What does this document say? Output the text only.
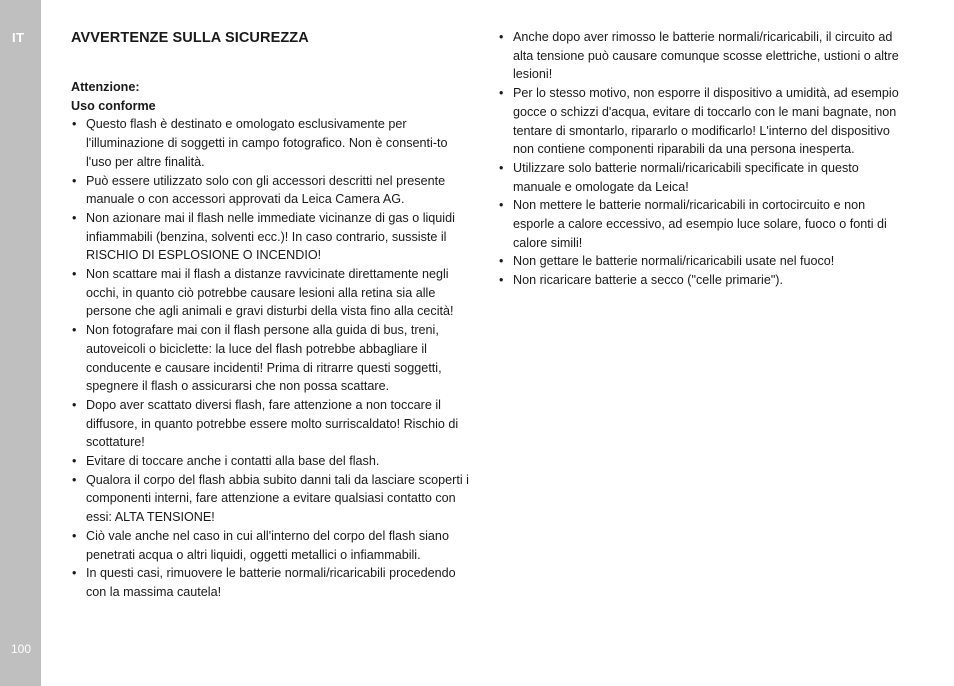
IT
100
AVVERTENZE SULLA SICUREZZA

Attenzione:

Uso conforme

• Questo flash è destinato e omologato esclusivamente per l'illuminazione di soggetti in campo fotografico. Non è consenti-to l'uso per altre finalità.
• Può essere utilizzato solo con gli accessori descritti nel presente manuale o con accessori approvati da Leica Camera AG.
• Non azionare mai il flash nelle immediate vicinanze di gas o liquidi infiammabili (benzina, solventi ecc.)! In caso contrario, sussiste il RISCHIO DI ESPLOSIONE O INCENDIO!
• Non scattare mai il flash a distanze ravvicinate direttamente negli occhi, in quanto ciò potrebbe causare lesioni alla retina sia alle persone che agli animali e gravi disturbi della vista fino alla cecità!
• Non fotografare mai con il flash persone alla guida di bus, treni, autoveicoli o biciclette: la luce del flash potrebbe abbagliare il conducente e causare incidenti! Prima di ritrarre questi soggetti, spegnere il flash o assicurarsi che non possa scattare.
• Dopo aver scattato diversi flash, fare attenzione a non toccare il diffusore, in quanto potrebbe essere molto surriscaldato! Rischio di scottature!
• Evitare di toccare anche i contatti alla base del flash.
• Qualora il corpo del flash abbia subito danni tali da lasciare scoperti i componenti interni, fare attenzione a evitare qualsiasi contatto con essi: ALTA TENSIONE!
• Ciò vale anche nel caso in cui all'interno del corpo del flash siano penetrati acqua o altri liquidi, oggetti metallici o infiammabili.
• In questi casi, rimuovere le batterie normali/ricaricabili procedendo con la massima cautela!
• Anche dopo aver rimosso le batterie normali/ricaricabili, il circuito ad alta tensione può causare comunque scosse elettriche, ustioni o altre lesioni!
• Per lo stesso motivo, non esporre il dispositivo a umidità, ad esempio gocce o schizzi d'acqua, evitare di toccarlo con le mani bagnate, non tentare di smontarlo, ripararlo o modificarlo! L'interno del dispositivo non contiene componenti riparabili da una persona inesperta.
• Utilizzare solo batterie normali/ricaricabili specificate in questo manuale e omologate da Leica!
• Non mettere le batterie normali/ricaricabili in cortocircuito e non esporle a calore eccessivo, ad esempio luce solare, fuoco o fonti di calore simili!
• Non gettare le batterie normali/ricaricabili usate nel fuoco!
• Non ricaricare batterie a secco ("celle primarie").
